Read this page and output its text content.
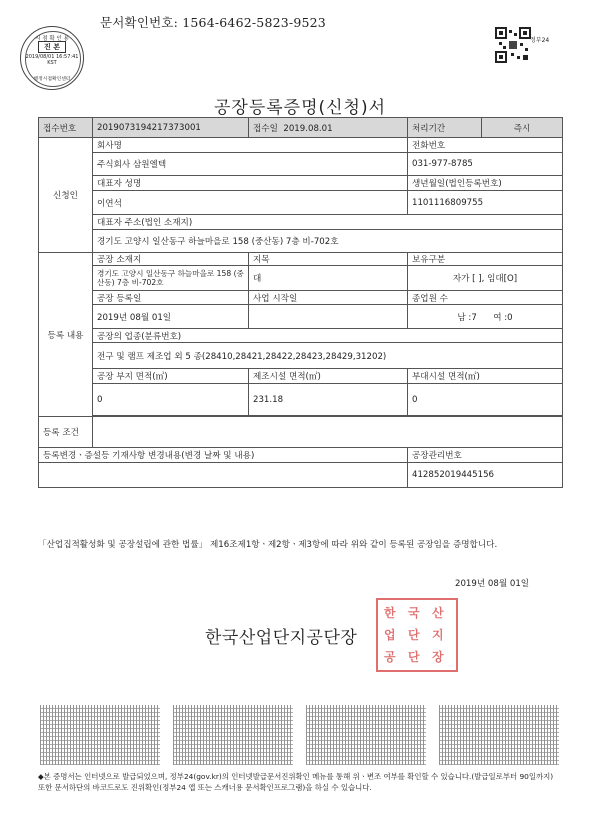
문서확인번호: 1564-6462-5823-9523
시 점 확 인 용
진 본
2019/08/01 16:57:41 KST
행정시점확인센터
정부24
공장등록증명(신청)서
접수번호	2019073194217373001	접수일 2019.08.01	처리기간	즉시
신청인	회사명		전화번호	
	주식회사 삼원엘텍		031-977-8785	
	대표자 성명		생년월일(법인등록번호)	
	이연석		1101116809755	
	대표자 주소(법인 소재지)			
	경기도 고양시 일산동구 하늘마을로 158 (중산동) 7층 비-702호			
등록 내용	공장 소재지	지목	보유구분	
	경기도 고양시 일산동구 하늘마을로 158 (중산동) 7층 비-702호	대	자가 [ ], 임대[O]	
	공장 등록일	사업 시작일	종업원 수	
	2019년 08월 01일		남 :7 여 :0	
	공장의 업종(분류번호)			
	전구 및 램프 제조업 외 5 종(28410,28421,28422,28423,28429,31202)			
	공장 부지 면적(㎡)	제조시설 면적(㎡)	부대시설 면적(㎡)	
	0	231.18	0	

등록 조건				
등록변경ㆍ증설등 기재사항 변경내용(변경 날짜 및 내용)			공장관리번호	
			412852019445156	
「산업집적활성화 및 공장설립에 관한 법률」 제16조제1항ㆍ제2항ㆍ제3항에 따라 위와 같이 등록된 공장임을 증명합니다.
2019년 08월 01일
한 국 산
업 단 지
공 단 장
한국산업단지공단장
◆본 증명서는 인터넷으로 발급되었으며, 정부24(gov.kr)의 인터넷발급문서진위확인 메뉴를 통해 위ㆍ변조 여부를 확인할 수 있습니다.(발급일로부터 90일까지) 또한 문서하단의 바코드로도 진위확인(정부24 앱 또는 스캐너용 문서확인프로그램)을 하실 수 있습니다.
